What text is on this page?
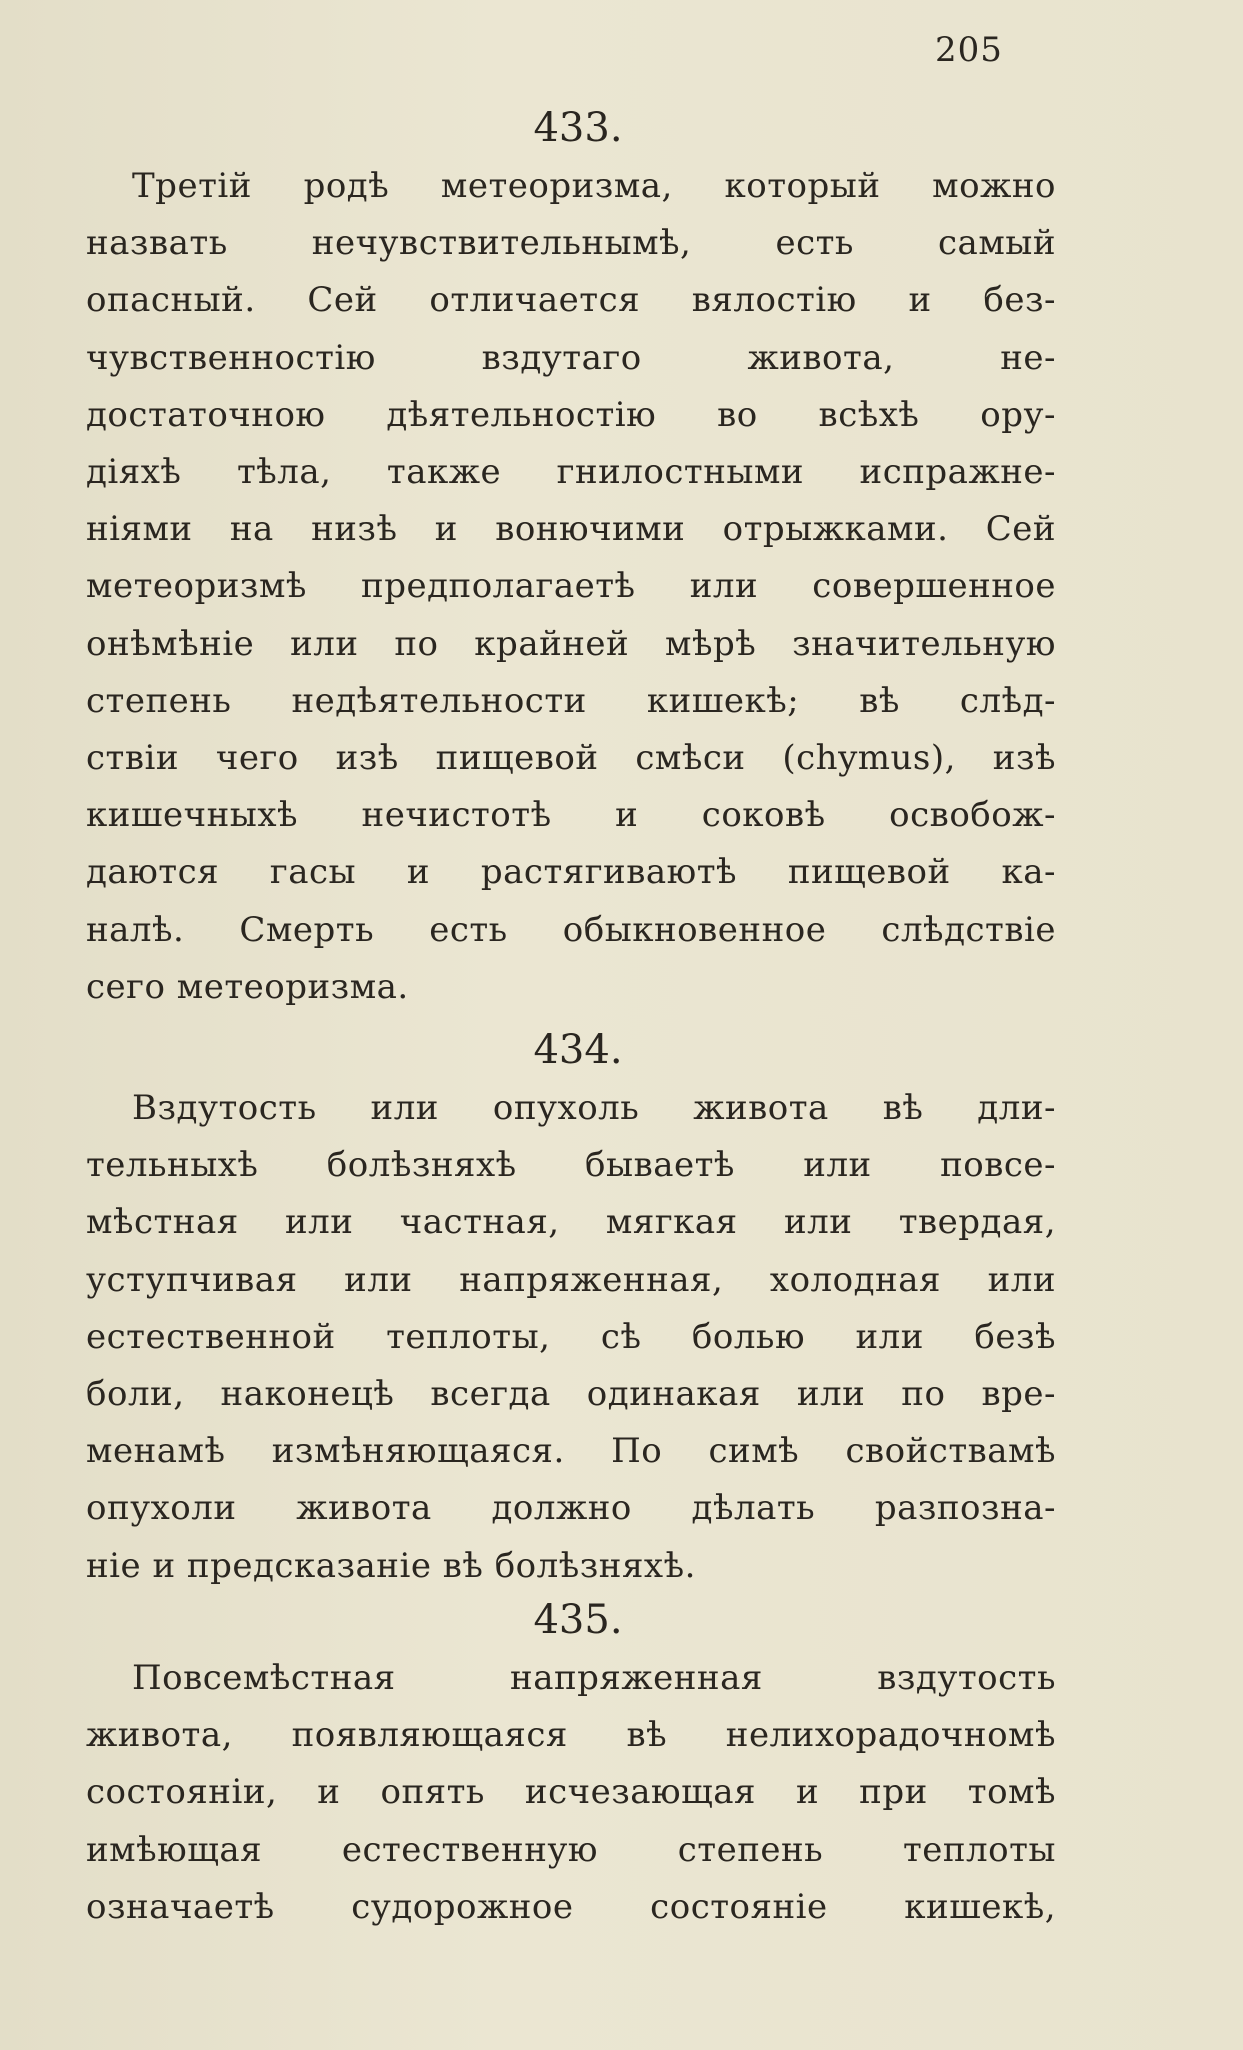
205
433.
Третій родѣ метеоризма, который можно
назвать нечувствительнымѣ, есть самый
опасный. Сей отличается вялостію и без-
чувственностію вздутаго живота, не-
достаточною дѣятельностію во всѣхѣ ору-
діяхѣ тѣла, также гнилостными испражне-
ніями на низѣ и вонючими отрыжками. Сей
метеоризмѣ предполагаетѣ или совершенное
онѣмѣніе или по крайней мѣрѣ значительную
степень недѣятельности кишекѣ; вѣ слѣд-
ствіи чего изѣ пищевой смѣси (chymus), изѣ
кишечныхѣ нечистотѣ и соковѣ освобож-
даются гасы и растягиваютѣ пищевой ка-
налѣ. Смерть есть обыкновенное слѣдствіе
сего метеоризма.
434.
Вздутость или опухоль живота вѣ дли-
тельныхѣ болѣзняхѣ бываетѣ или повсе-
мѣстная или частная, мягкая или твердая,
уступчивая или напряженная, холодная или
естественной теплоты, сѣ болью или безѣ
боли, наконецѣ всегда одинакая или по вре-
менамѣ измѣняющаяся. По симѣ свойствамѣ
опухоли живота должно дѣлать разпозна-
ніе и предсказаніе вѣ болѣзняхѣ.
435.
Повсемѣстная напряженная вздутость
живота, появляющаяся вѣ нелихорадочномѣ
состояніи, и опять исчезающая и при томѣ
имѣющая естественную степень теплоты
означаетѣ судорожное состояніе кишекѣ,
